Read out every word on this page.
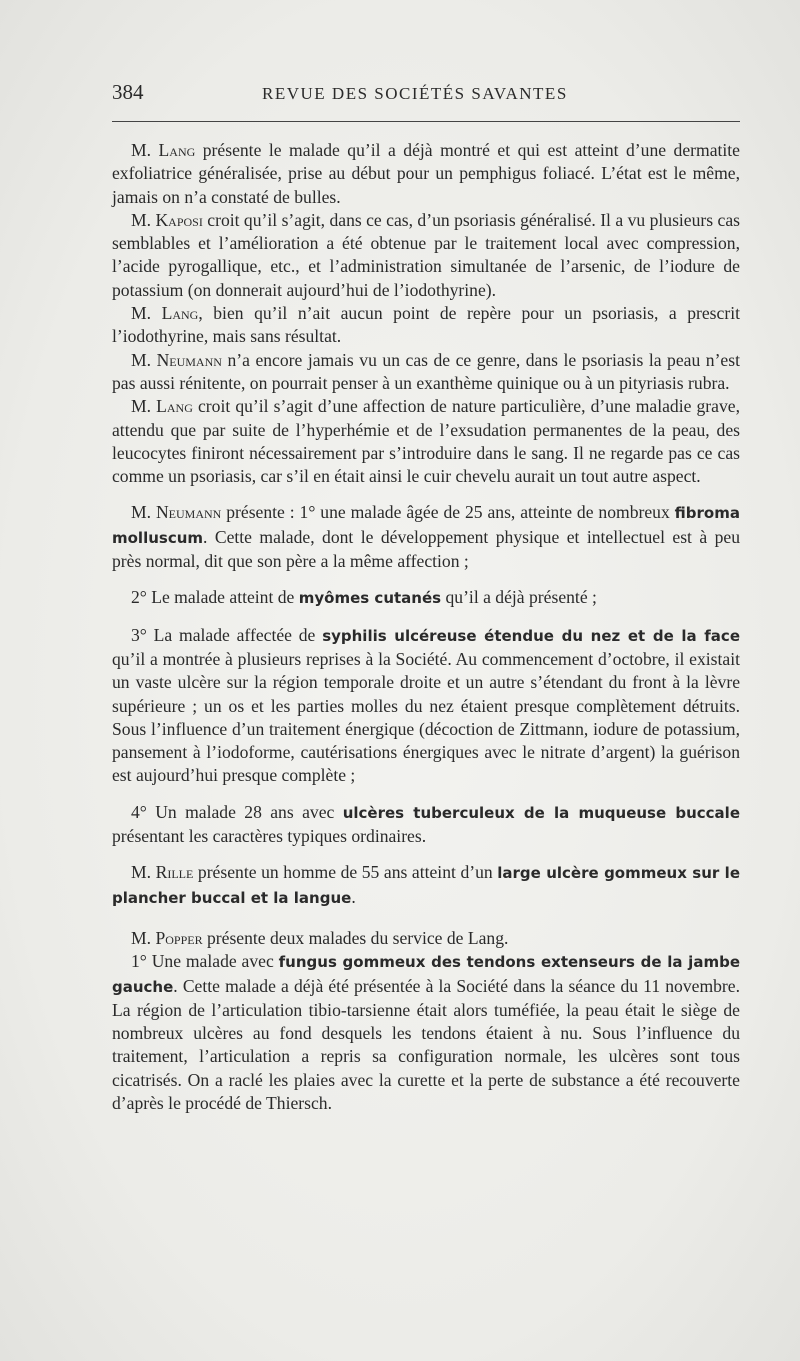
384	REVUE DES SOCIÉTÉS SAVANTES

M. Lang présente le malade qu’il a déjà montré et qui est atteint d’une dermatite exfoliatrice généralisée, prise au début pour un pemphigus foliacé. L’état est le même, jamais on n’a constaté de bulles.

M. Kaposi croit qu’il s’agit, dans ce cas, d’un psoriasis généralisé. Il a vu plusieurs cas semblables et l’amélioration a été obtenue par le traitement local avec compression, l’acide pyrogallique, etc., et l’administration simultanée de l’arsenic, de l’iodure de potassium (on donnerait aujourd’hui de l’iodothyrine).

M. Lang, bien qu’il n’ait aucun point de repère pour un psoriasis, a prescrit l’iodothyrine, mais sans résultat.

M. Neumann n’a encore jamais vu un cas de ce genre, dans le psoriasis la peau n’est pas aussi rénitente, on pourrait penser à un exanthème quinique ou à un pityriasis rubra.

M. Lang croit qu’il s’agit d’une affection de nature particulière, d’une maladie grave, attendu que par suite de l’hyperhémie et de l’exsudation permanentes de la peau, des leucocytes finiront nécessairement par s’introduire dans le sang. Il ne regarde pas ce cas comme un psoriasis, car s’il en était ainsi le cuir chevelu aurait un tout autre aspect.

M. Neumann présente : 1° une malade âgée de 25 ans, atteinte de nombreux fibroma molluscum. Cette malade, dont le développement physique et intellectuel est à peu près normal, dit que son père a la même affection ;

2° Le malade atteint de myômes cutanés qu’il a déjà présenté ;

3° La malade affectée de syphilis ulcéreuse étendue du nez et de la face qu’il a montrée à plusieurs reprises à la Société. Au commencement d’octobre, il existait un vaste ulcère sur la région temporale droite et un autre s’étendant du front à la lèvre supérieure ; un os et les parties molles du nez étaient presque complètement détruits. Sous l’influence d’un traitement énergique (décoction de Zittmann, iodure de potassium, pansement à l’iodoforme, cautérisations énergiques avec le nitrate d’argent) la guérison est aujourd’hui presque complète ;

4° Un malade 28 ans avec ulcères tuberculeux de la muqueuse buccale présentant les caractères typiques ordinaires.

M. Rille présente un homme de 55 ans atteint d’un large ulcère gommeux sur le plancher buccal et la langue.

M. Popper présente deux malades du service de Lang.

1° Une malade avec fungus gommeux des tendons extenseurs de la jambe gauche. Cette malade a déjà été présentée à la Société dans la séance du 11 novembre. La région de l’articulation tibio-tarsienne était alors tuméfiée, la peau était le siège de nombreux ulcères au fond desquels les tendons étaient à nu. Sous l’influence du traitement, l’articulation a repris sa configuration normale, les ulcères sont tous cicatrisés. On a raclé les plaies avec la curette et la perte de substance a été recouverte d’après le procédé de Thiersch.
